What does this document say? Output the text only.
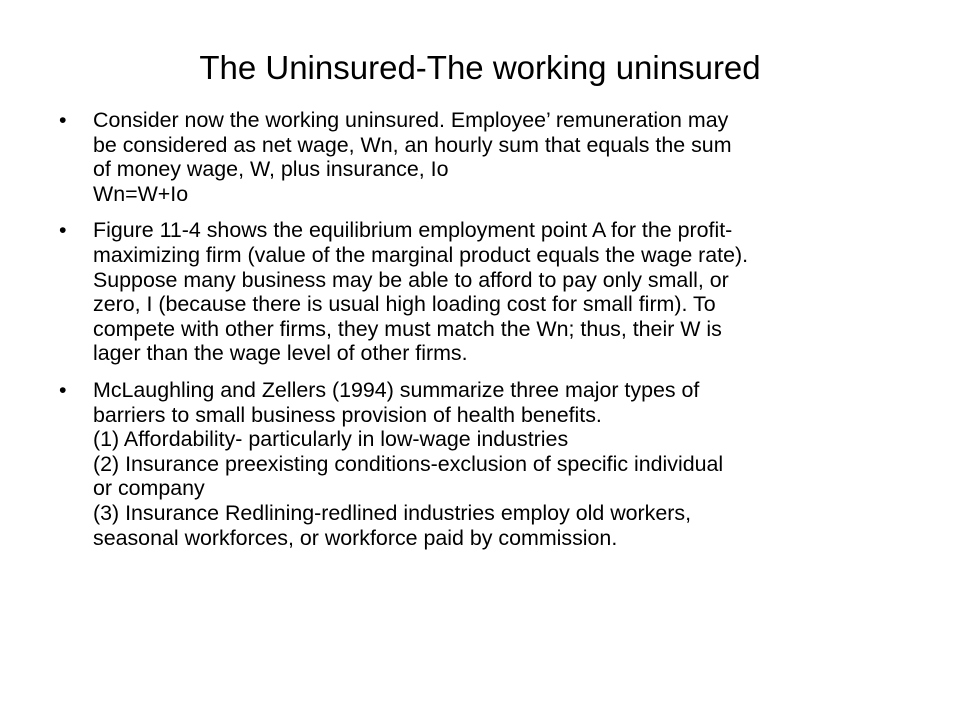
The Uninsured-The working uninsured
•	Consider now the working uninsured. Employee’ remuneration may
be considered as net wage, Wn, an hourly sum that equals the sum
of money wage, W, plus insurance, Io
Wn=W+Io
•	Figure 11-4 shows the equilibrium employment point A for the profit-
maximizing firm (value of the marginal product equals the wage rate).
Suppose many business may be able to afford to pay only small, or
zero, I (because there is usual high loading cost for small firm). To
compete with other firms, they must match the Wn; thus, their W is
lager than the wage level of other firms.
•	McLaughling and Zellers (1994) summarize three major types of
barriers to small business provision of health benefits.
(1) Affordability- particularly in low-wage industries
(2) Insurance preexisting conditions-exclusion of specific individual
or company
(3) Insurance Redlining-redlined industries employ old workers,
seasonal workforces, or workforce paid by commission.
